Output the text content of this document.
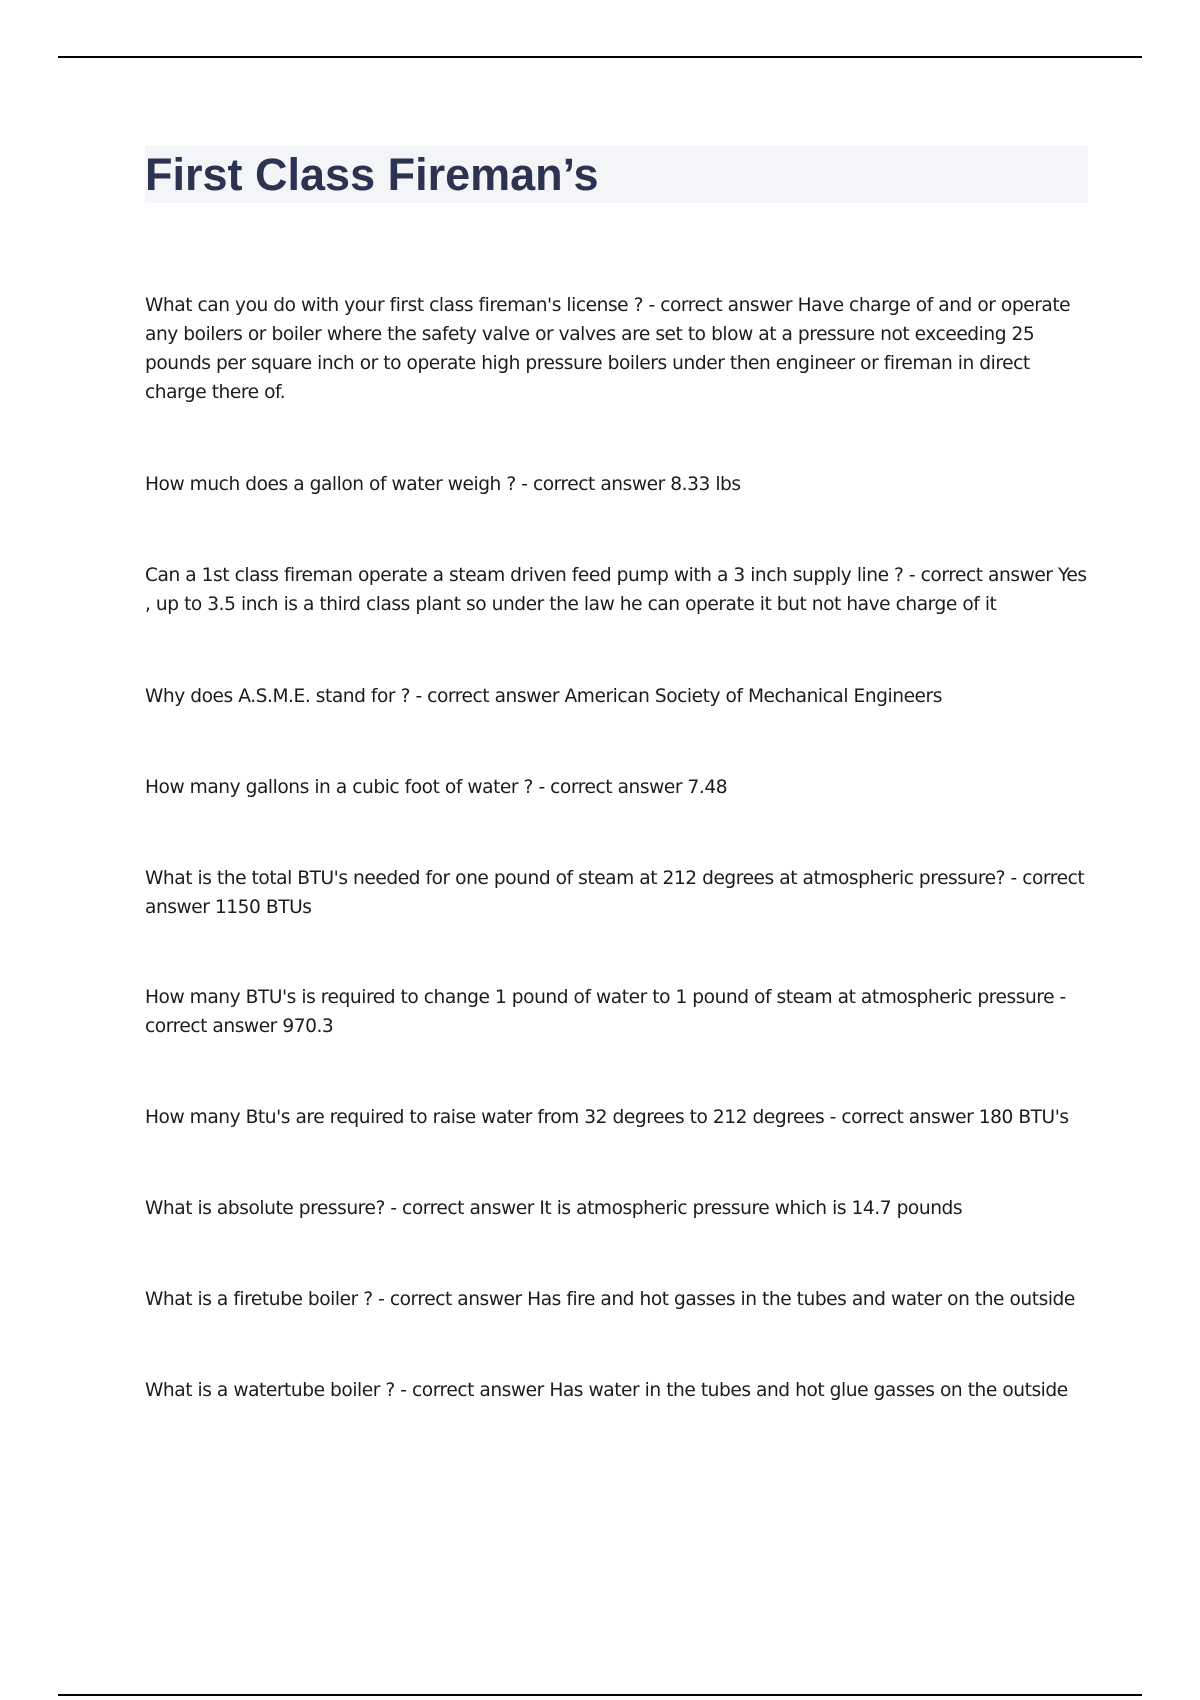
First Class Fireman’s

What can you do with your first class fireman's license ? - correct answer Have charge of and or operate any boilers or boiler where the safety valve or valves are set to blow at a pressure not exceeding 25 pounds per square inch or to operate high pressure boilers under then engineer or fireman in direct charge there of.

How much does a gallon of water weigh ? - correct answer 8.33 lbs

Can a 1st class fireman operate a steam driven feed pump with a 3 inch supply line ? - correct answer Yes , up to 3.5 inch is a third class plant so under the law he can operate it but not have charge of it

Why does A.S.M.E. stand for ? - correct answer American Society of Mechanical Engineers

How many gallons in a cubic foot of water ? - correct answer 7.48

What is the total BTU's needed for one pound of steam at 212 degrees at atmospheric pressure? - correct answer 1150 BTUs

How many BTU's is required to change 1 pound of water to 1 pound of steam at atmospheric pressure - correct answer 970.3

How many Btu's are required to raise water from 32 degrees to 212 degrees - correct answer 180 BTU's

What is absolute pressure? - correct answer It is atmospheric pressure which is 14.7 pounds

What is a firetube boiler ? - correct answer Has fire and hot gasses in the tubes and water on the outside

What is a watertube boiler ? - correct answer Has water in the tubes and hot glue gasses on the outside
